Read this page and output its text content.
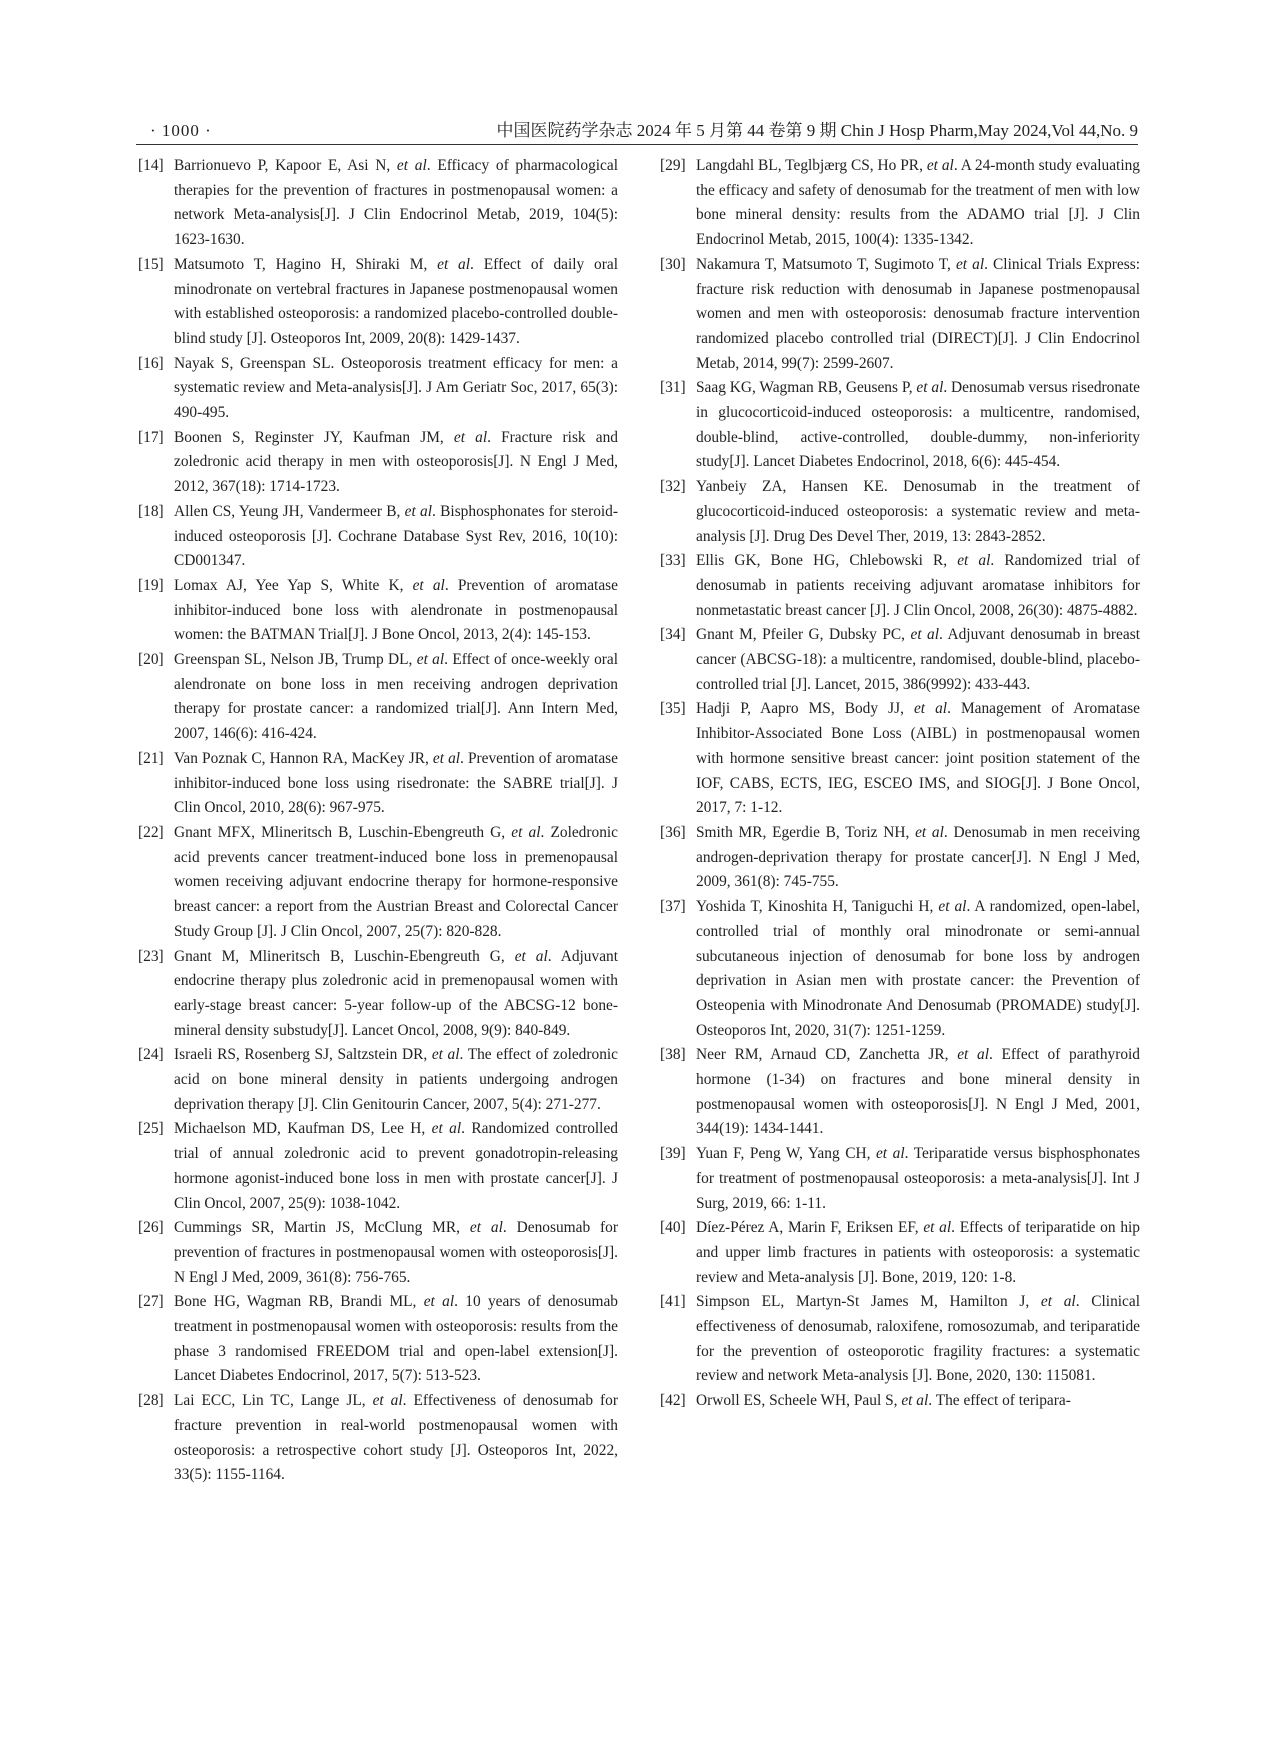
· 1000 ·	中国医院药学杂志 2024 年 5 月第 44 卷第 9 期 Chin J Hosp Pharm,May 2024,Vol 44,No. 9

[14] Barrionuevo P, Kapoor E, Asi N, et al. Efficacy of pharmacological therapies for the prevention of fractures in postmenopausal women: a network Meta-analysis[J]. J Clin Endocrinol Metab, 2019, 104(5): 1623-1630.

[15] Matsumoto T, Hagino H, Shiraki M, et al. Effect of daily oral minodronate on vertebral fractures in Japanese postmenopausal women with established osteoporosis: a randomized placebo-controlled double-blind study [J]. Osteoporos Int, 2009, 20(8): 1429-1437.

[16] Nayak S, Greenspan SL. Osteoporosis treatment efficacy for men: a systematic review and Meta-analysis[J]. J Am Geriatr Soc, 2017, 65(3): 490-495.

[17] Boonen S, Reginster JY, Kaufman JM, et al. Fracture risk and zoledronic acid therapy in men with osteoporosis[J]. N Engl J Med, 2012, 367(18): 1714-1723.

[18] Allen CS, Yeung JH, Vandermeer B, et al. Bisphosphonates for steroid-induced osteoporosis [J]. Cochrane Database Syst Rev, 2016, 10(10): CD001347.

[19] Lomax AJ, Yee Yap S, White K, et al. Prevention of aromatase inhibitor-induced bone loss with alendronate in postmenopausal women: the BATMAN Trial[J]. J Bone Oncol, 2013, 2(4): 145-153.

[20] Greenspan SL, Nelson JB, Trump DL, et al. Effect of once-weekly oral alendronate on bone loss in men receiving androgen deprivation therapy for prostate cancer: a randomized trial[J]. Ann Intern Med, 2007, 146(6): 416-424.

[21] Van Poznak C, Hannon RA, MacKey JR, et al. Prevention of aromatase inhibitor-induced bone loss using risedronate: the SABRE trial[J]. J Clin Oncol, 2010, 28(6): 967-975.

[22] Gnant MFX, Mlineritsch B, Luschin-Ebengreuth G, et al. Zoledronic acid prevents cancer treatment-induced bone loss in premenopausal women receiving adjuvant endocrine therapy for hormone-responsive breast cancer: a report from the Austrian Breast and Colorectal Cancer Study Group [J]. J Clin Oncol, 2007, 25(7): 820-828.

[23] Gnant M, Mlineritsch B, Luschin-Ebengreuth G, et al. Adjuvant endocrine therapy plus zoledronic acid in premenopausal women with early-stage breast cancer: 5-year follow-up of the ABCSG-12 bone-mineral density substudy[J]. Lancet Oncol, 2008, 9(9): 840-849.

[24] Israeli RS, Rosenberg SJ, Saltzstein DR, et al. The effect of zoledronic acid on bone mineral density in patients undergoing androgen deprivation therapy [J]. Clin Genitourin Cancer, 2007, 5(4): 271-277.

[25] Michaelson MD, Kaufman DS, Lee H, et al. Randomized controlled trial of annual zoledronic acid to prevent gonadotropin-releasing hormone agonist-induced bone loss in men with prostate cancer[J]. J Clin Oncol, 2007, 25(9): 1038-1042.

[26] Cummings SR, Martin JS, McClung MR, et al. Denosumab for prevention of fractures in postmenopausal women with osteoporosis[J]. N Engl J Med, 2009, 361(8): 756-765.

[27] Bone HG, Wagman RB, Brandi ML, et al. 10 years of denosumab treatment in postmenopausal women with osteoporosis: results from the phase 3 randomised FREEDOM trial and open-label extension[J]. Lancet Diabetes Endocrinol, 2017, 5(7): 513-523.

[28] Lai ECC, Lin TC, Lange JL, et al. Effectiveness of denosumab for fracture prevention in real-world postmenopausal women with osteoporosis: a retrospective cohort study [J]. Osteoporos Int, 2022, 33(5): 1155-1164.

[29] Langdahl BL, Teglbjærg CS, Ho PR, et al. A 24-month study evaluating the efficacy and safety of denosumab for the treatment of men with low bone mineral density: results from the ADAMO trial [J]. J Clin Endocrinol Metab, 2015, 100(4): 1335-1342.

[30] Nakamura T, Matsumoto T, Sugimoto T, et al. Clinical Trials Express: fracture risk reduction with denosumab in Japanese postmenopausal women and men with osteoporosis: denosumab fracture intervention randomized placebo controlled trial (DIRECT)[J]. J Clin Endocrinol Metab, 2014, 99(7): 2599-2607.

[31] Saag KG, Wagman RB, Geusens P, et al. Denosumab versus risedronate in glucocorticoid-induced osteoporosis: a multicentre, randomised, double-blind, active-controlled, double-dummy, non-inferiority study[J]. Lancet Diabetes Endocrinol, 2018, 6(6): 445-454.

[32] Yanbeiy ZA, Hansen KE. Denosumab in the treatment of glucocorticoid-induced osteoporosis: a systematic review and meta-analysis [J]. Drug Des Devel Ther, 2019, 13: 2843-2852.

[33] Ellis GK, Bone HG, Chlebowski R, et al. Randomized trial of denosumab in patients receiving adjuvant aromatase inhibitors for nonmetastatic breast cancer [J]. J Clin Oncol, 2008, 26(30): 4875-4882.

[34] Gnant M, Pfeiler G, Dubsky PC, et al. Adjuvant denosumab in breast cancer (ABCSG-18): a multicentre, randomised, double-blind, placebo-controlled trial [J]. Lancet, 2015, 386(9992): 433-443.

[35] Hadji P, Aapro MS, Body JJ, et al. Management of Aromatase Inhibitor-Associated Bone Loss (AIBL) in postmenopausal women with hormone sensitive breast cancer: joint position statement of the IOF, CABS, ECTS, IEG, ESCEO IMS, and SIOG[J]. J Bone Oncol, 2017, 7: 1-12.

[36] Smith MR, Egerdie B, Toriz NH, et al. Denosumab in men receiving androgen-deprivation therapy for prostate cancer[J]. N Engl J Med, 2009, 361(8): 745-755.

[37] Yoshida T, Kinoshita H, Taniguchi H, et al. A randomized, open-label, controlled trial of monthly oral minodronate or semi-annual subcutaneous injection of denosumab for bone loss by androgen deprivation in Asian men with prostate cancer: the Prevention of Osteopenia with Minodronate And Denosumab (PROMADE) study[J]. Osteoporos Int, 2020, 31(7): 1251-1259.

[38] Neer RM, Arnaud CD, Zanchetta JR, et al. Effect of parathyroid hormone (1-34) on fractures and bone mineral density in postmenopausal women with osteoporosis[J]. N Engl J Med, 2001, 344(19): 1434-1441.

[39] Yuan F, Peng W, Yang CH, et al. Teriparatide versus bisphosphonates for treatment of postmenopausal osteoporosis: a meta-analysis[J]. Int J Surg, 2019, 66: 1-11.

[40] Díez-Pérez A, Marin F, Eriksen EF, et al. Effects of teriparatide on hip and upper limb fractures in patients with osteoporosis: a systematic review and Meta-analysis [J]. Bone, 2019, 120: 1-8.

[41] Simpson EL, Martyn-St James M, Hamilton J, et al. Clinical effectiveness of denosumab, raloxifene, romosozumab, and teriparatide for the prevention of osteoporotic fragility fractures: a systematic review and network Meta-analysis [J]. Bone, 2020, 130: 115081.

[42] Orwoll ES, Scheele WH, Paul S, et al. The effect of teripara-
